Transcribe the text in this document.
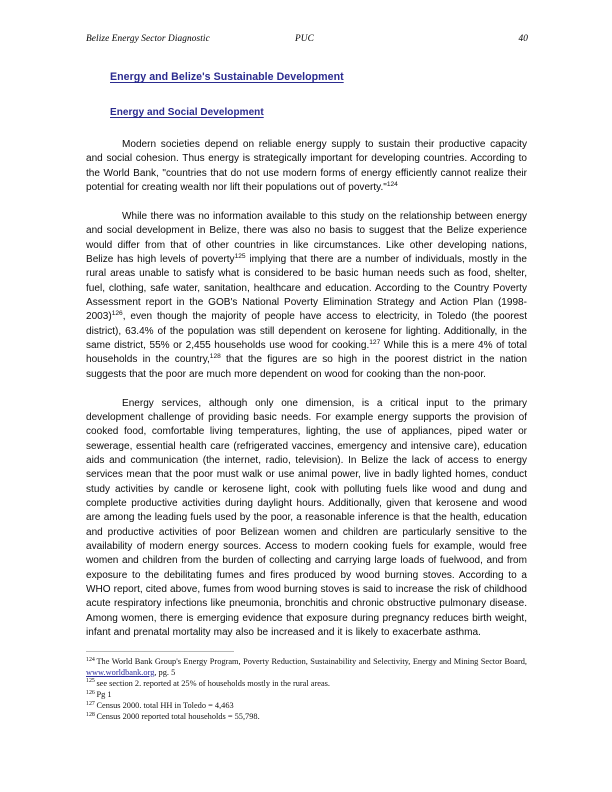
Belize Energy Sector Diagnostic	PUC	40
Energy and Belize's Sustainable Development
Energy and Social Development

Modern societies depend on reliable energy supply to sustain their productive capacity and social cohesion. Thus energy is strategically important for developing countries. According to the World Bank, "countries that do not use modern forms of energy efficiently cannot realize their potential for creating wealth nor lift their populations out of poverty."$^{124}$

While there was no information available to this study on the relationship between energy and social development in Belize, there was also no basis to suggest that the Belize experience would differ from that of other countries in like circumstances. Like other developing nations, Belize has high levels of poverty$^{125}$ implying that there are a number of individuals, mostly in the rural areas unable to satisfy what is considered to be basic human needs such as food, shelter, fuel, clothing, safe water, sanitation, healthcare and education. According to the Country Poverty Assessment report in the GOB's National Poverty Elimination Strategy and Action Plan (1998-2003)$^{126}$, even though the majority of people have access to electricity, in Toledo (the poorest district), 63.4% of the population was still dependent on kerosene for lighting. Additionally, in the same district, 55% or 2,455 households use wood for cooking.$^{127}$ While this is a mere 4% of total households in the country,$^{128}$ that the figures are so high in the poorest district in the nation suggests that the poor are much more dependent on wood for cooking than the non-poor.

Energy services, although only one dimension, is a critical input to the primary development challenge of providing basic needs. For example energy supports the provision of cooked food, comfortable living temperatures, lighting, the use of appliances, piped water or sewerage, essential health care (refrigerated vaccines, emergency and intensive care), education aids and communication (the internet, radio, television). In Belize the lack of access to energy services mean that the poor must walk or use animal power, live in badly lighted homes, conduct study activities by candle or kerosene light, cook with polluting fuels like wood and dung and complete productive activities during daylight hours. Additionally, given that kerosene and wood are among the leading fuels used by the poor, a reasonable inference is that the health, education and productive activities of poor Belizean women and children are particularly sensitive to the availability of modern energy sources. Access to modern cooking fuels for example, would free women and children from the burden of collecting and carrying large loads of fuelwood, and from exposure to the debilitating fumes and fires produced by wood burning stoves. According to a WHO report, cited above, fumes from wood burning stoves is said to increase the risk of childhood acute respiratory infections like pneumonia, bronchitis and chronic obstructive pulmonary disease. Among women, there is emerging evidence that exposure during pregnancy reduces birth weight, infant and prenatal mortality may also be increased and it is likely to exacerbate asthma.

$^{124}$ The World Bank Group's Energy Program, Poverty Reduction, Sustainability and Selectivity, Energy and Mining Sector Board, www.worldbank.org, pg. 5
$^{125}$ see section 2. reported at 25% of households mostly in the rural areas.
$^{126}$ Pg 1
$^{127}$ Census 2000. total HH in Toledo = 4,463
$^{128}$ Census 2000 reported total households = 55,798.
